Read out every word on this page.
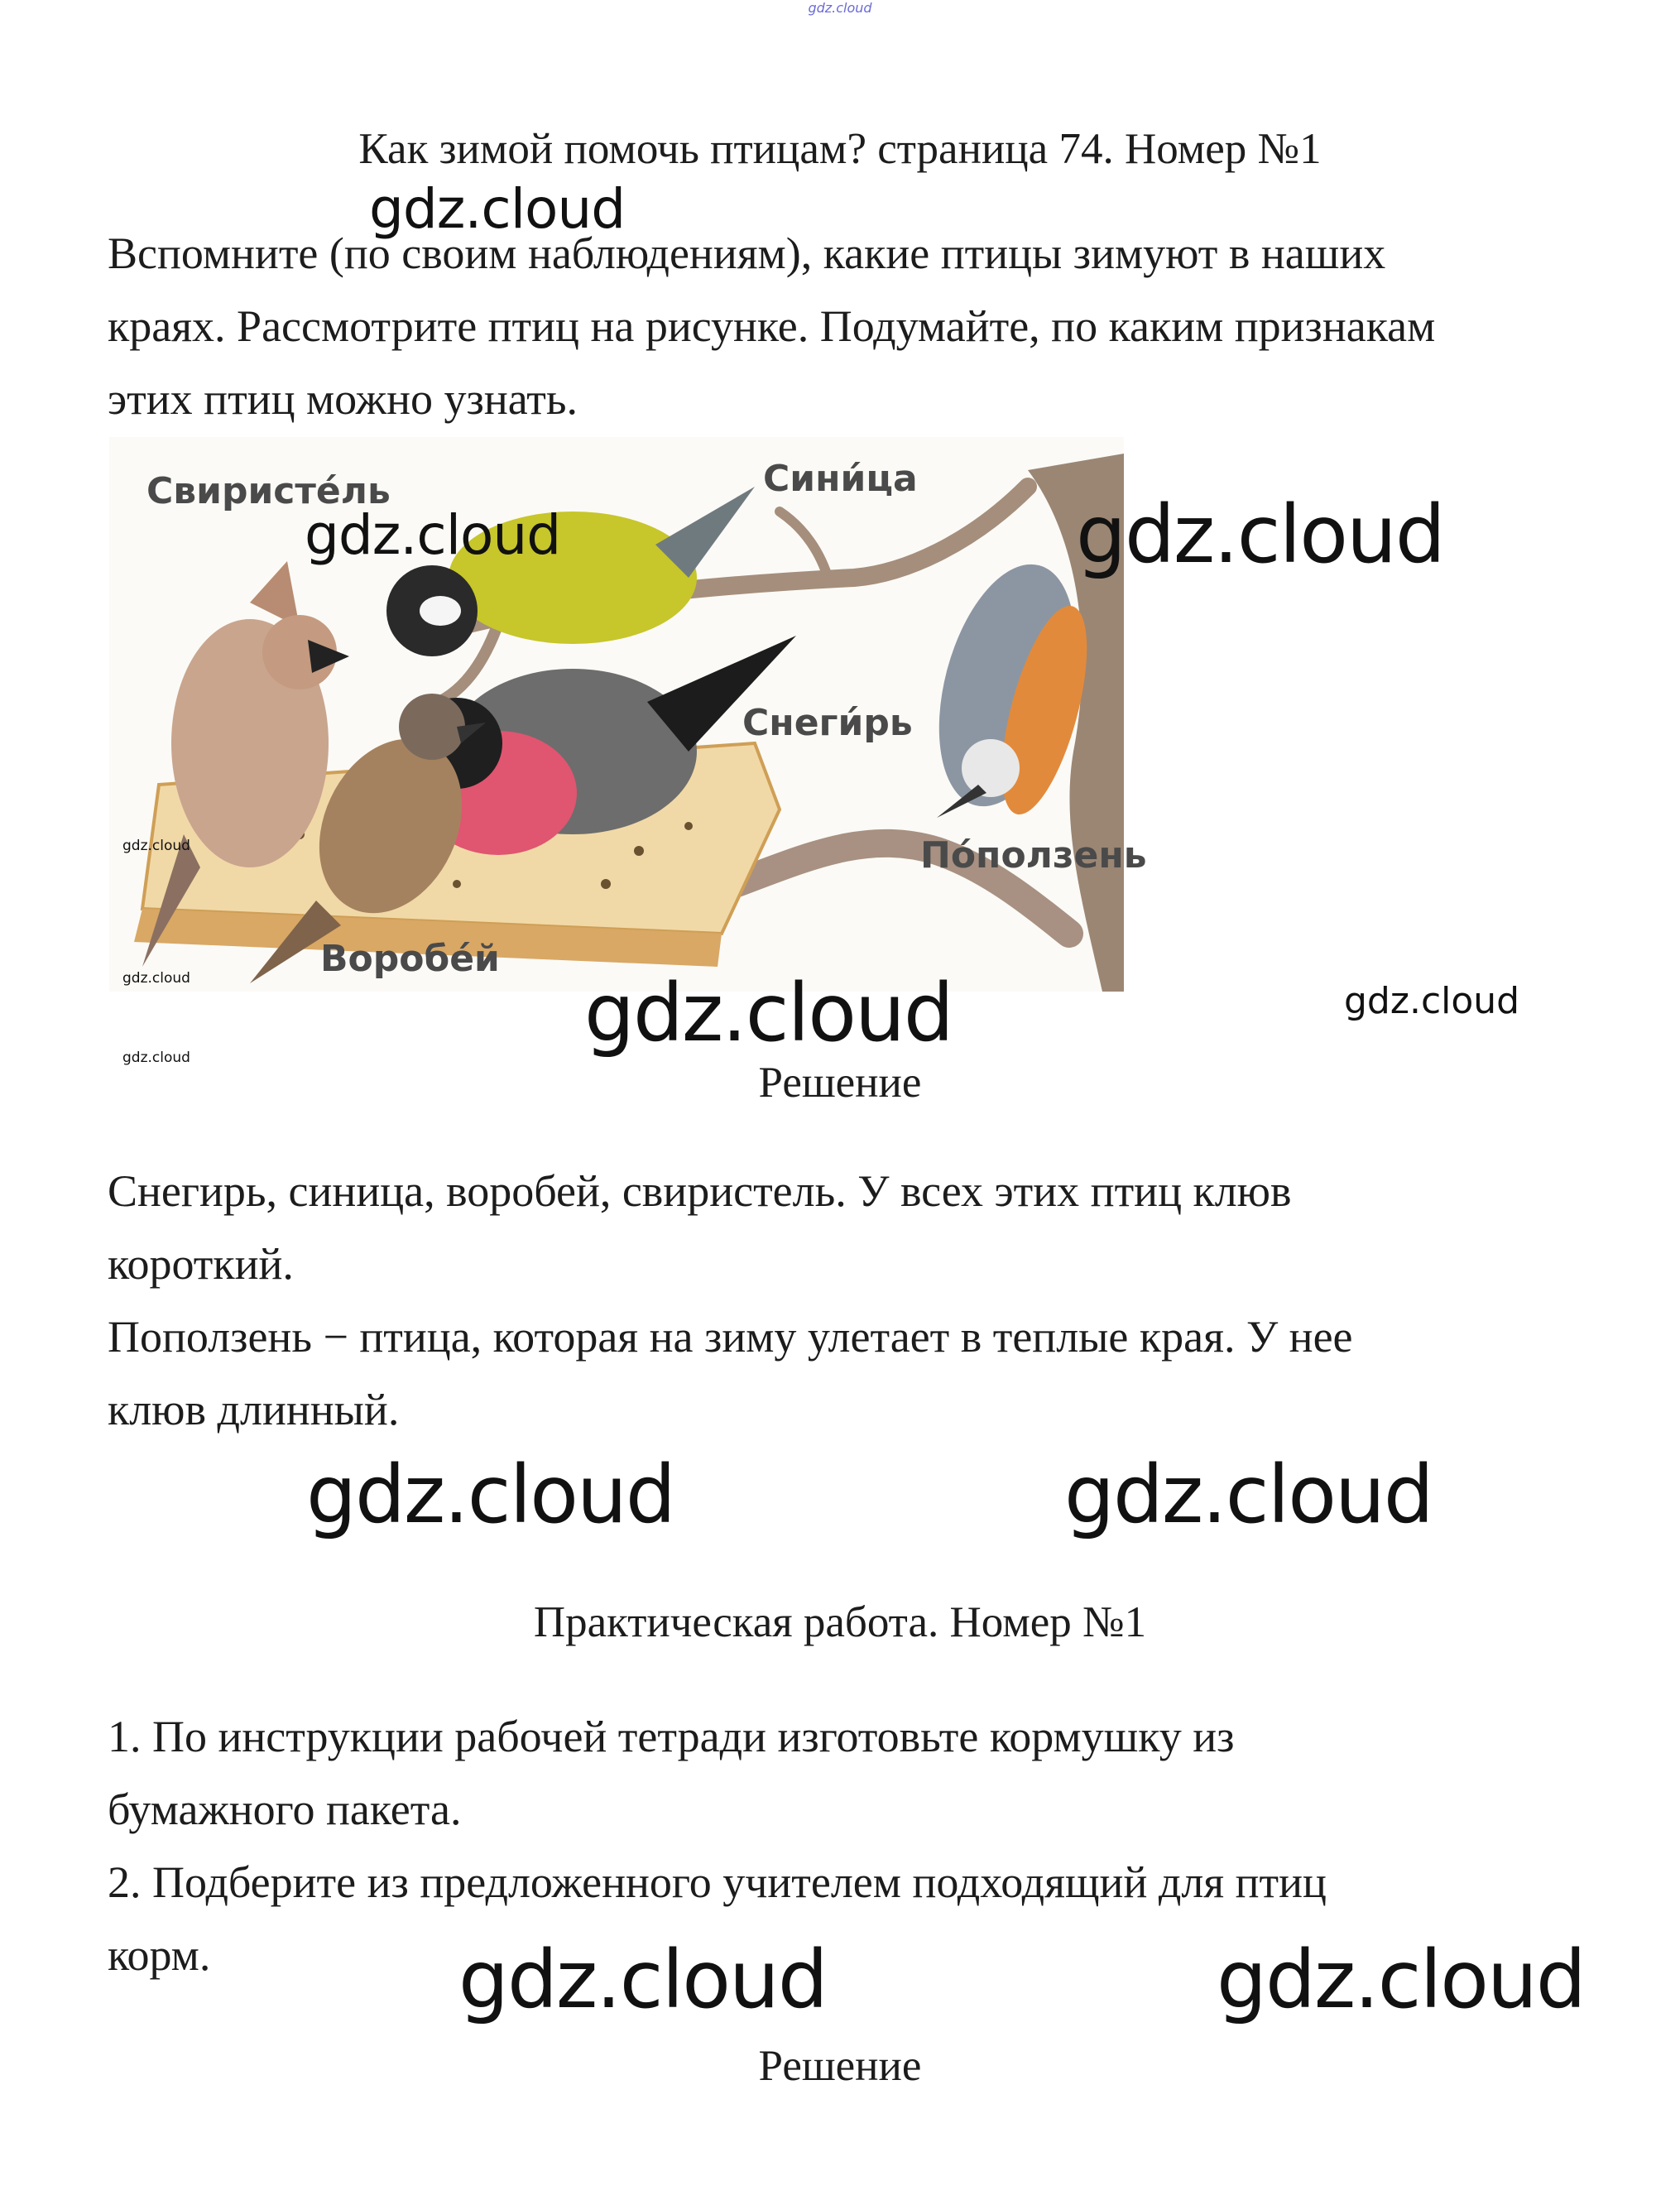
gdz.cloud
Как зимой помочь птицам? страница 74. Номер №1
Вспомните (по своим наблюдениям), какие птицы зимуют в наших
краях. Рассмотрите птиц на рисунке. Подумайте, по каким признакам
этих птиц можно узнать.
gdz.cloud
Свиристе́ль	Сини́ца
Снеги́рь
По́ползень
Воробе́й
gdz.cloud	gdz.cloud
gdz.cloud
gdz.cloud
gdz.cloud	gdz.cloud	gdz.cloud
Решение
Снегирь, синица, воробей, свиристель. У всех этих птиц клюв
короткий.
Поползень − птица, которая на зиму улетает в теплые края. У нее
клюв длинный.
gdz.cloud	gdz.cloud
Практическая работа. Номер №1
1. По инструкции рабочей тетради изготовьте кормушку из
бумажного пакета.
2. Подберите из предложенного учителем подходящий для птиц
корм.	gdz.cloud	gdz.cloud
Решение
